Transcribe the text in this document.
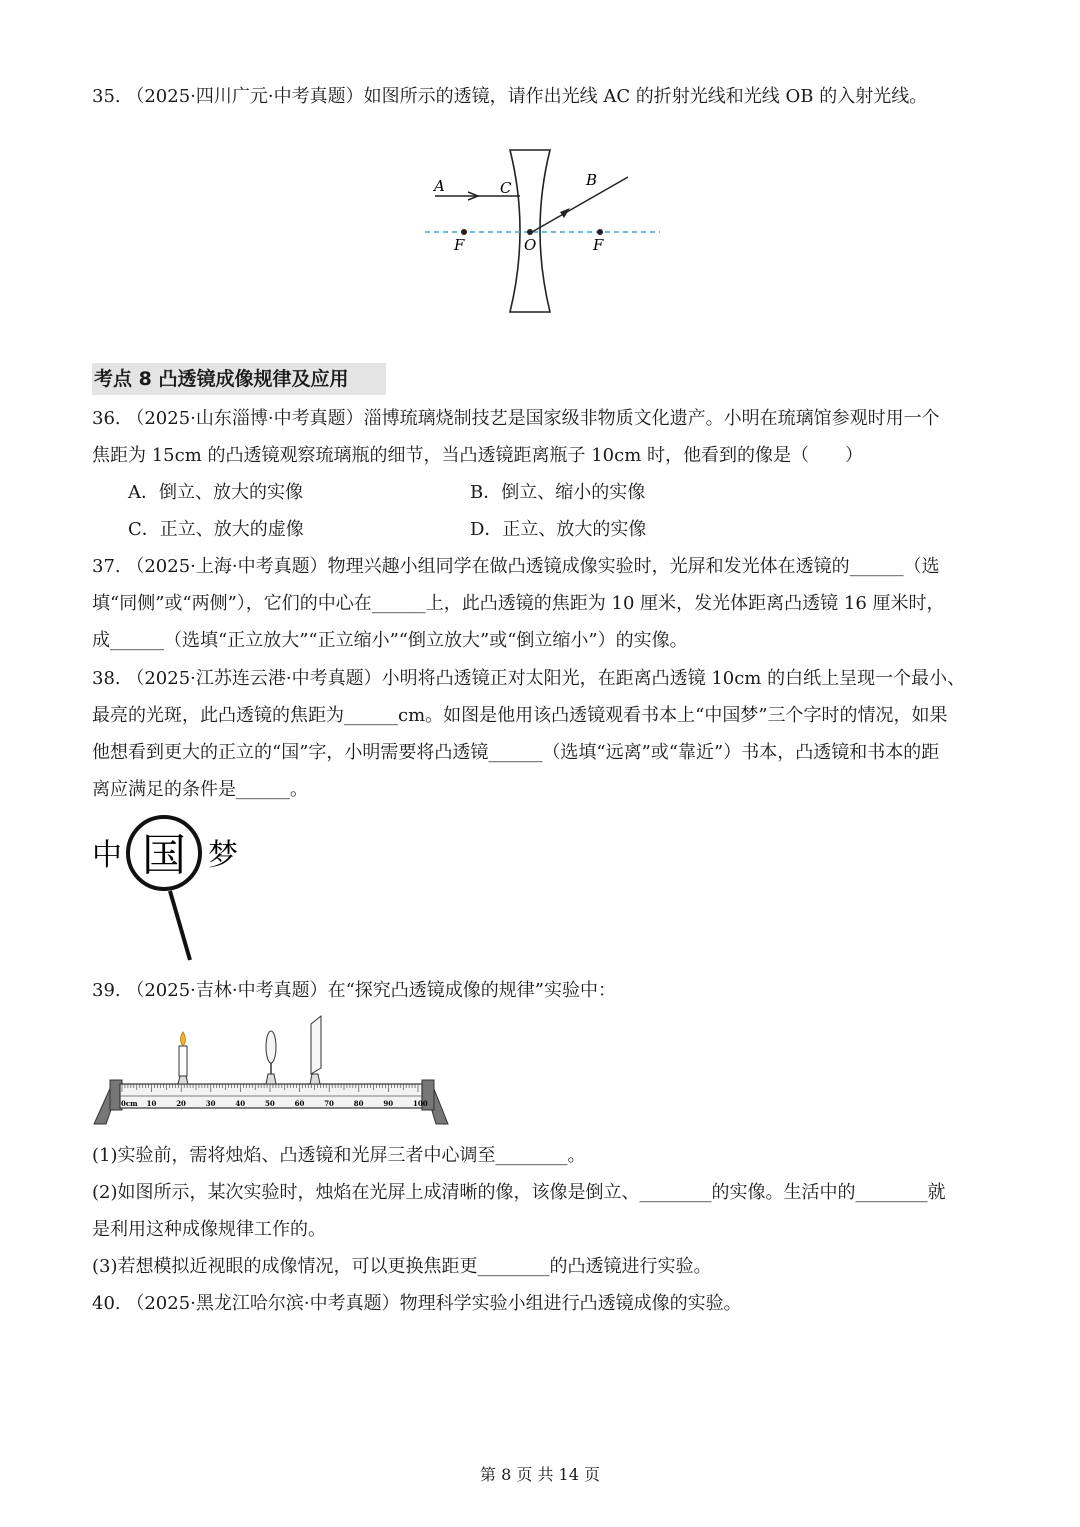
35. （2025·四川广元·中考真题）如图所示的透镜，请作出光线 AC 的折射光线和光线 OB 的入射光线。

A	C	B
F	O	F
考点 8 凸透镜成像规律及应用

36. （2025·山东淄博·中考真题）淄博琉璃烧制技艺是国家级非物质文化遗产。小明在琉璃馆参观时用一个

焦距为 15cm 的凸透镜观察琉璃瓶的细节，当凸透镜距离瓶子 10cm 时，他看到的像是（　　）

A．倒立、放大的实像	B．倒立、缩小的实像
C．正立、放大的虚像	D．正立、放大的实像

37. （2025·上海·中考真题）物理兴趣小组同学在做凸透镜成像实验时，光屏和发光体在透镜的______（选

填“同侧”或“两侧”），它们的中心在______上，此凸透镜的焦距为 10 厘米，发光体距离凸透镜 16 厘米时，

成______（选填“正立放大”“正立缩小”“倒立放大”或“倒立缩小”）的实像。

38. （2025·江苏连云港·中考真题）小明将凸透镜正对太阳光，在距离凸透镜 10cm 的白纸上呈现一个最小、

最亮的光斑，此凸透镜的焦距为______cm。如图是他用该凸透镜观看书本上“中国梦”三个字时的情况，如果

他想看到更大的正立的“国”字，小明需要将凸透镜______（选填“远离”或“靠近”）书本，凸透镜和书本的距

离应满足的条件是______。

中 国 梦

39. （2025·吉林·中考真题）在“探究凸透镜成像的规律”实验中：

0cm 10	20	30	40	50	60	70	80	90	100

(1)实验前，需将烛焰、凸透镜和光屏三者中心调至________。

(2)如图所示，某次实验时，烛焰在光屏上成清晰的像，该像是倒立、________的实像。生活中的________就

是利用这种成像规律工作的。

(3)若想模拟近视眼的成像情况，可以更换焦距更________的凸透镜进行实验。

40. （2025·黑龙江哈尔滨·中考真题）物理科学实验小组进行凸透镜成像的实验。

第 8 页 共 14 页
